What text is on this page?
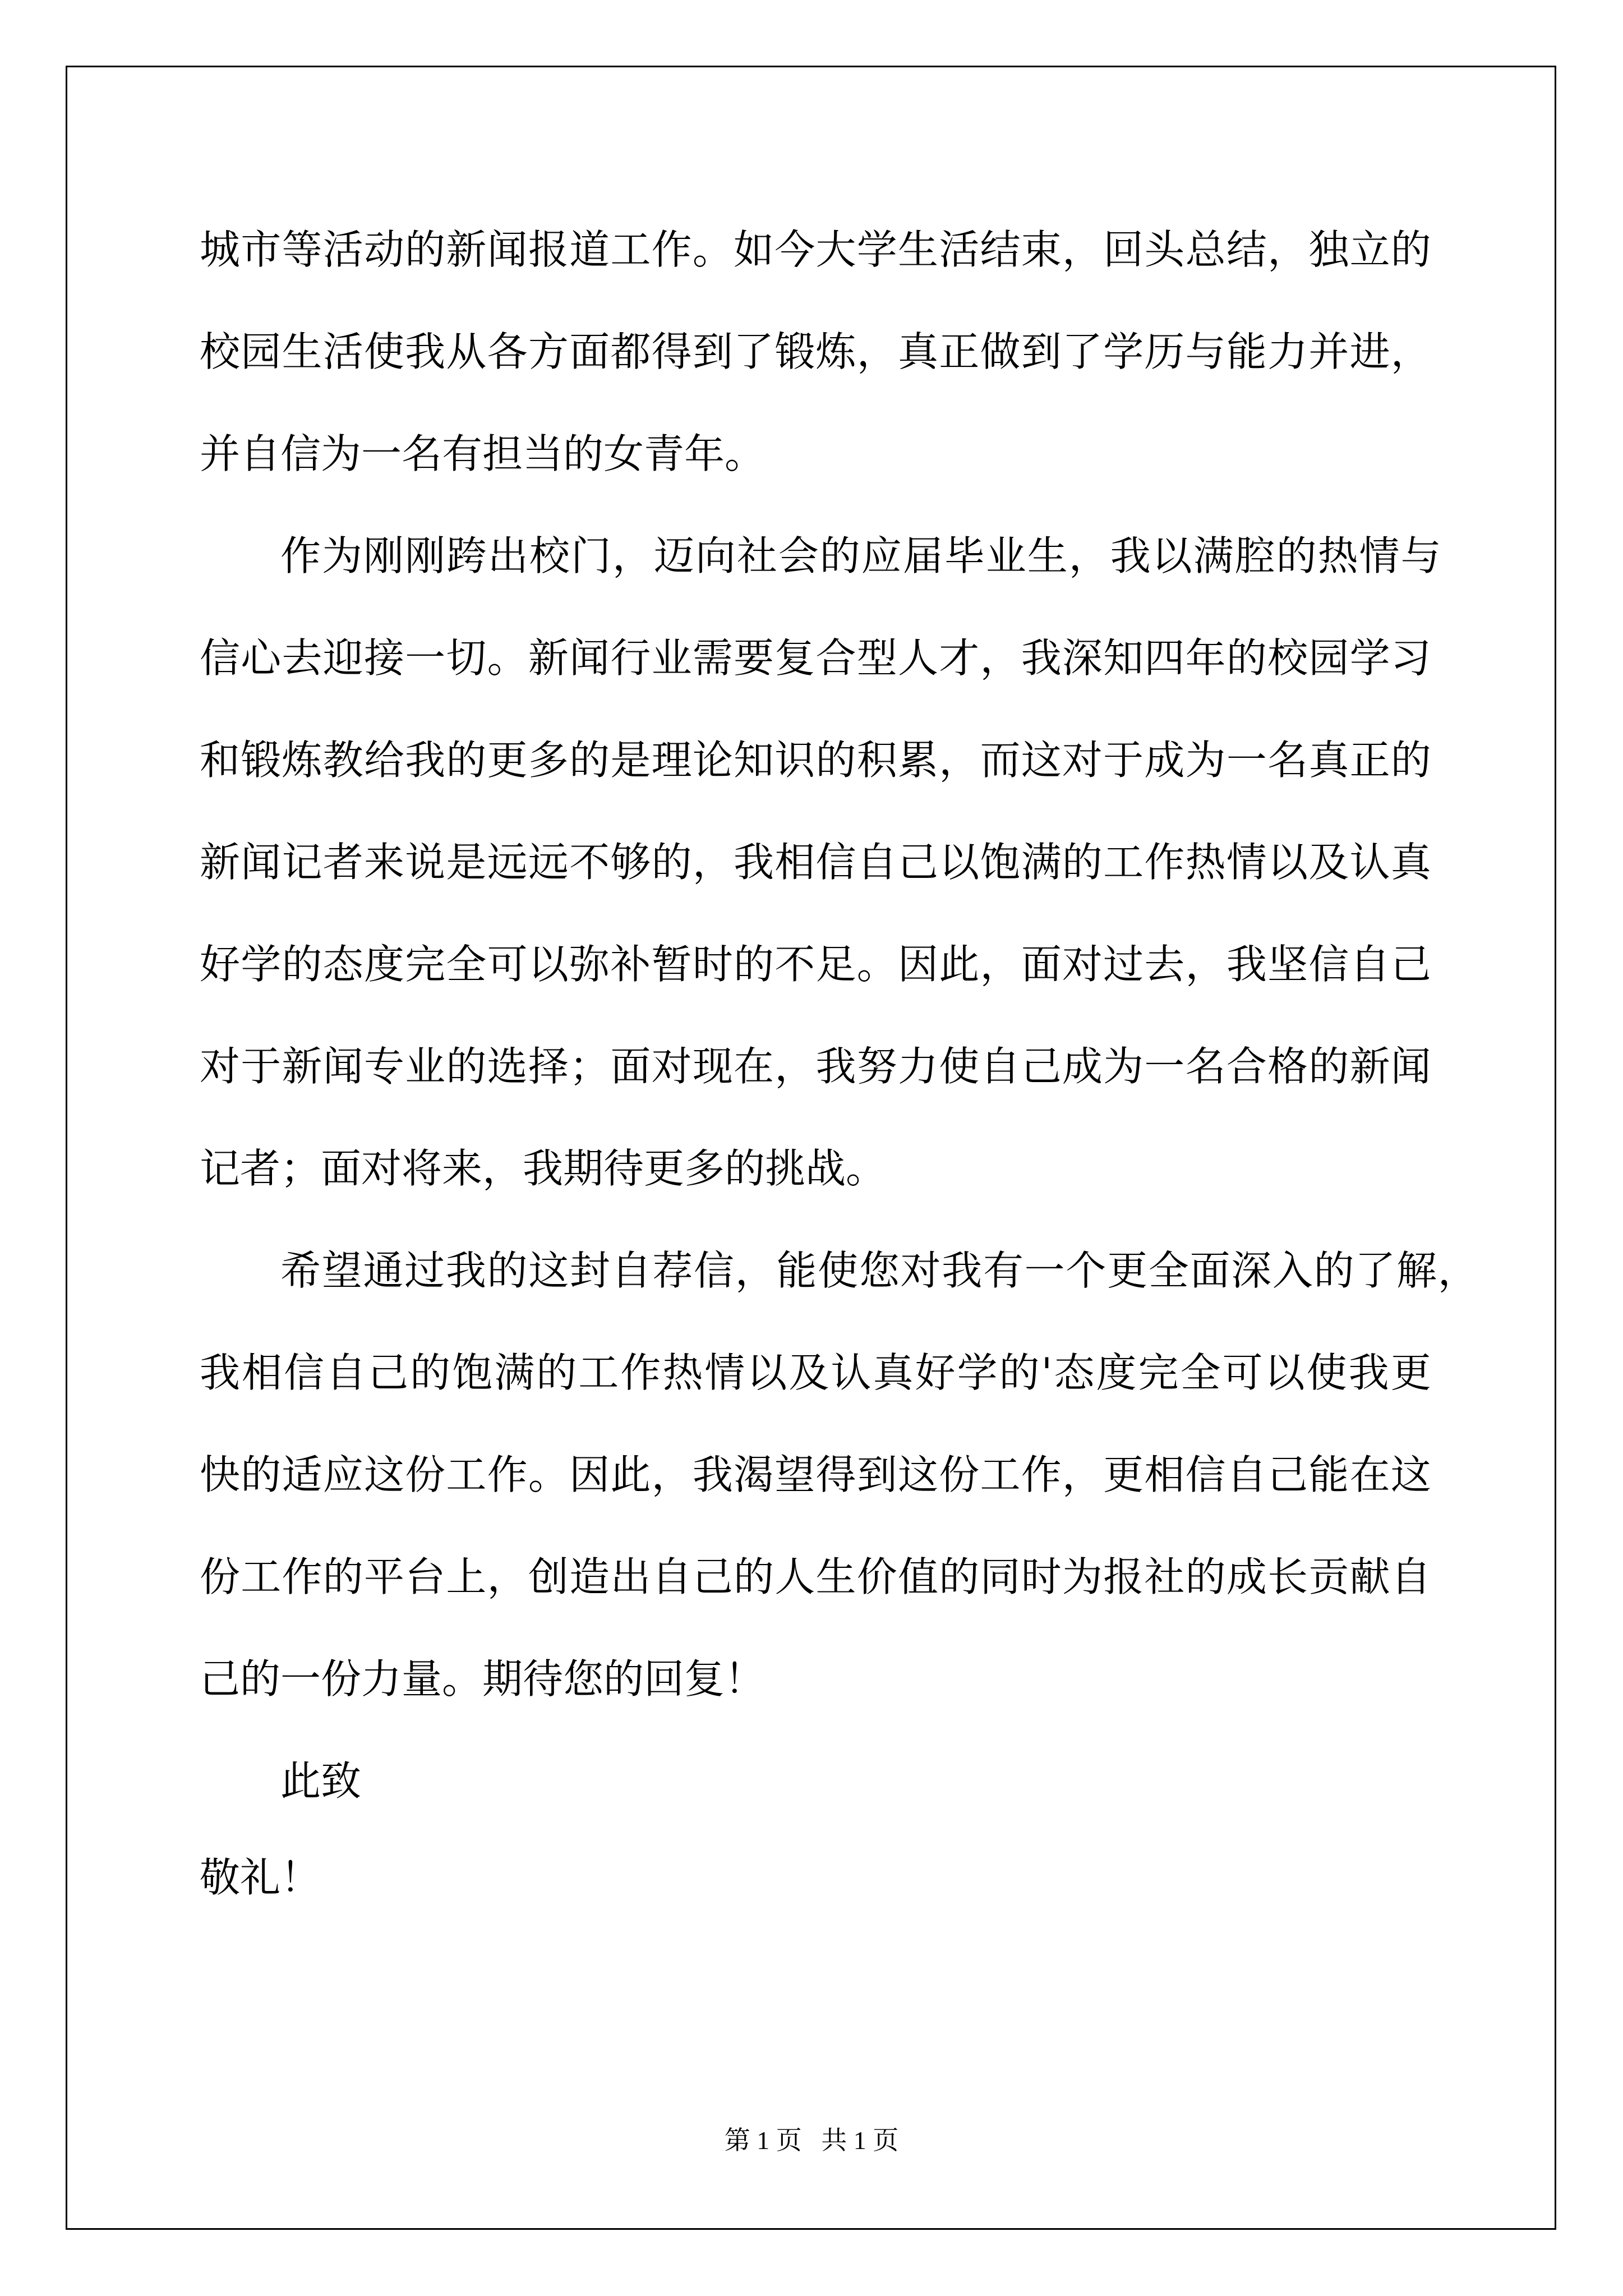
城 市 等 活 动 的 新 闻 报 道 工 作 。 如 今 大 学 生 活 结 束 ， 回 头 总 结 ， 独 立 的
校 园 生 活 使 我 从 各 方 面 都 得 到 了 锻 炼 ， 真 正 做 到 了 学 历 与 能 力 并 进 ，
并自信为一名有担当的女青年。
作 为 刚 刚 跨 出 校 门 ， 迈 向 社 会 的 应 届 毕 业 生 ， 我 以 满 腔 的 热 情 与
信 心 去 迎 接 一 切 。 新 闻 行 业 需 要 复 合 型 人 才 ， 我 深 知 四 年 的 校 园 学 习
和 锻 炼 教 给 我 的 更 多 的 是 理 论 知 识 的 积 累 ， 而 这 对 于 成 为 一 名 真 正 的
新 闻 记 者 来 说 是 远 远 不 够 的 ， 我 相 信 自 己 以 饱 满 的 工 作 热 情 以 及 认 真
好 学 的 态 度 完 全 可 以 弥 补 暂 时 的 不 足 。 因 此 ， 面 对 过 去 ， 我 坚 信 自 己
对 于 新 闻 专 业 的 选 择 ； 面 对 现 在 ， 我 努 力 使 自 己 成 为 一 名 合 格 的 新 闻
记者；面对将来，我期待更多的挑战。
希 望 通 过 我 的 这 封 自 荐 信 ， 能 使 您 对 我 有 一 个 更 全 面 深 入 的 了 解 ，
我 相 信 自 己 的 饱 满 的 工 作 热 情 以 及 认 真 好 学 的 ' 态 度 完 全 可 以 使 我 更
快 的 适 应 这 份 工 作 。 因 此 ， 我 渴 望 得 到 这 份 工 作 ， 更 相 信 自 己 能 在 这
份 工 作 的 平 台 上 ， 创 造 出 自 己 的 人 生 价 值 的 同 时 为 报 社 的 成 长 贡 献 自
己的一份力量。期待您的回复！
此致
敬礼！
第 1 页   共 1 页
